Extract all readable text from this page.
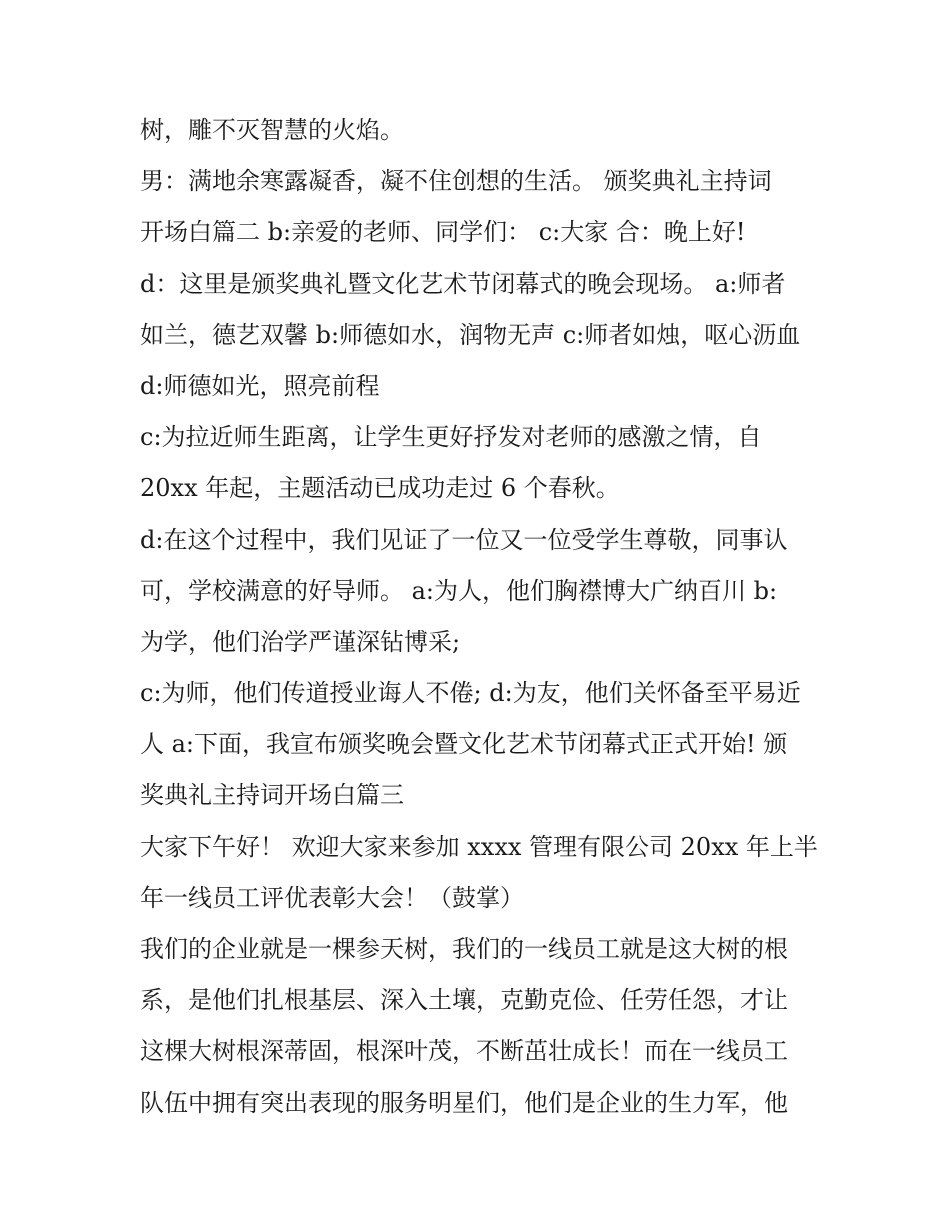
树，雕不灭智慧的火焰。
男：满地余寒露凝香，凝不住创想的生活。 颁奖典礼主持词
开场白篇二 b:亲爱的老师、同学们： c:大家 合：晚上好!
d：这里是颁奖典礼暨文化艺术节闭幕式的晚会现场。 a:师者
如兰，德艺双馨 b:师德如水，润物无声 c:师者如烛，呕心沥血
d:师德如光，照亮前程
c:为拉近师生距离，让学生更好抒发对老师的感激之情，自
20xx 年起，主题活动已成功走过 6 个春秋。
d:在这个过程中，我们见证了一位又一位受学生尊敬，同事认
可，学校满意的好导师。 a:为人，他们胸襟博大广纳百川 b:
为学，他们治学严谨深钻博采;
c:为师，他们传道授业诲人不倦; d:为友，他们关怀备至平易近
人 a:下面，我宣布颁奖晚会暨文化艺术节闭幕式正式开始! 颁
奖典礼主持词开场白篇三
大家下午好！ 欢迎大家来参加 xxxx 管理有限公司 20xx 年上半
年一线员工评优表彰大会！（鼓掌）
我们的企业就是一棵参天树，我们的一线员工就是这大树的根
系，是他们扎根基层、深入土壤，克勤克俭、任劳任怨，才让
这棵大树根深蒂固，根深叶茂，不断茁壮成长！而在一线员工
队伍中拥有突出表现的服务明星们，他们是企业的生力军，他
